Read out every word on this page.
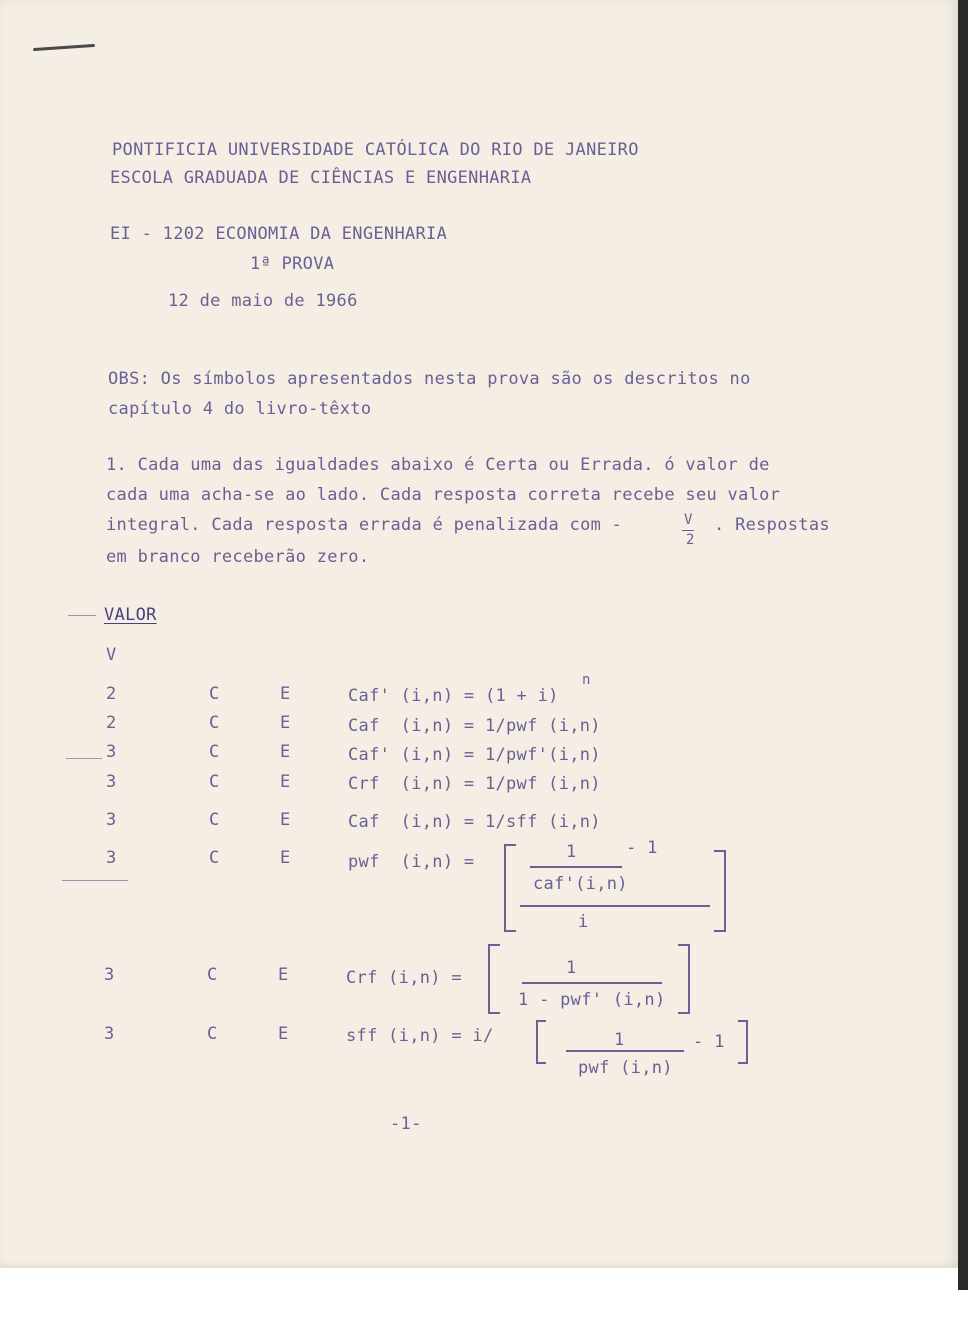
PONTIFICIA UNIVERSIDADE CATÓLICA DO RIO DE JANEIRO
ESCOLA GRADUADA DE CIÊNCIAS E ENGENHARIA
EI - 1202 ECONOMIA DA ENGENHARIA
1ª PROVA
12 de maio de 1966
OBS: Os símbolos apresentados nesta prova são os descritos no
capítulo 4 do livro-têxto
1. Cada uma das igualdades abaixo é Certa ou Errada. ó valor de
cada uma acha-se ao lado. Cada resposta correta recebe seu valor
integral. Cada resposta errada é penalizada com -	V
2
. Respostas
em branco receberão zero.
VALOR
V
2	C	E	Caf' (i,n) = (1 + i)
n
2	C	E	Caf  (i,n) = 1/pwf (i,n)
3	C	E	Caf' (i,n) = 1/pwf'(i,n)
3	C	E	Crf  (i,n) = 1/pwf (i,n)
3	C	E	Caf  (i,n) = 1/sff (i,n)
3	C	E	pwf  (i,n) =	1	- 1
caf'(i,n)
i
3	C	E	Crf (i,n) =	1
1 - pwf' (i,n)
3	C	E	sff (i,n) = i/	1	- 1
pwf (i,n)
-1-
